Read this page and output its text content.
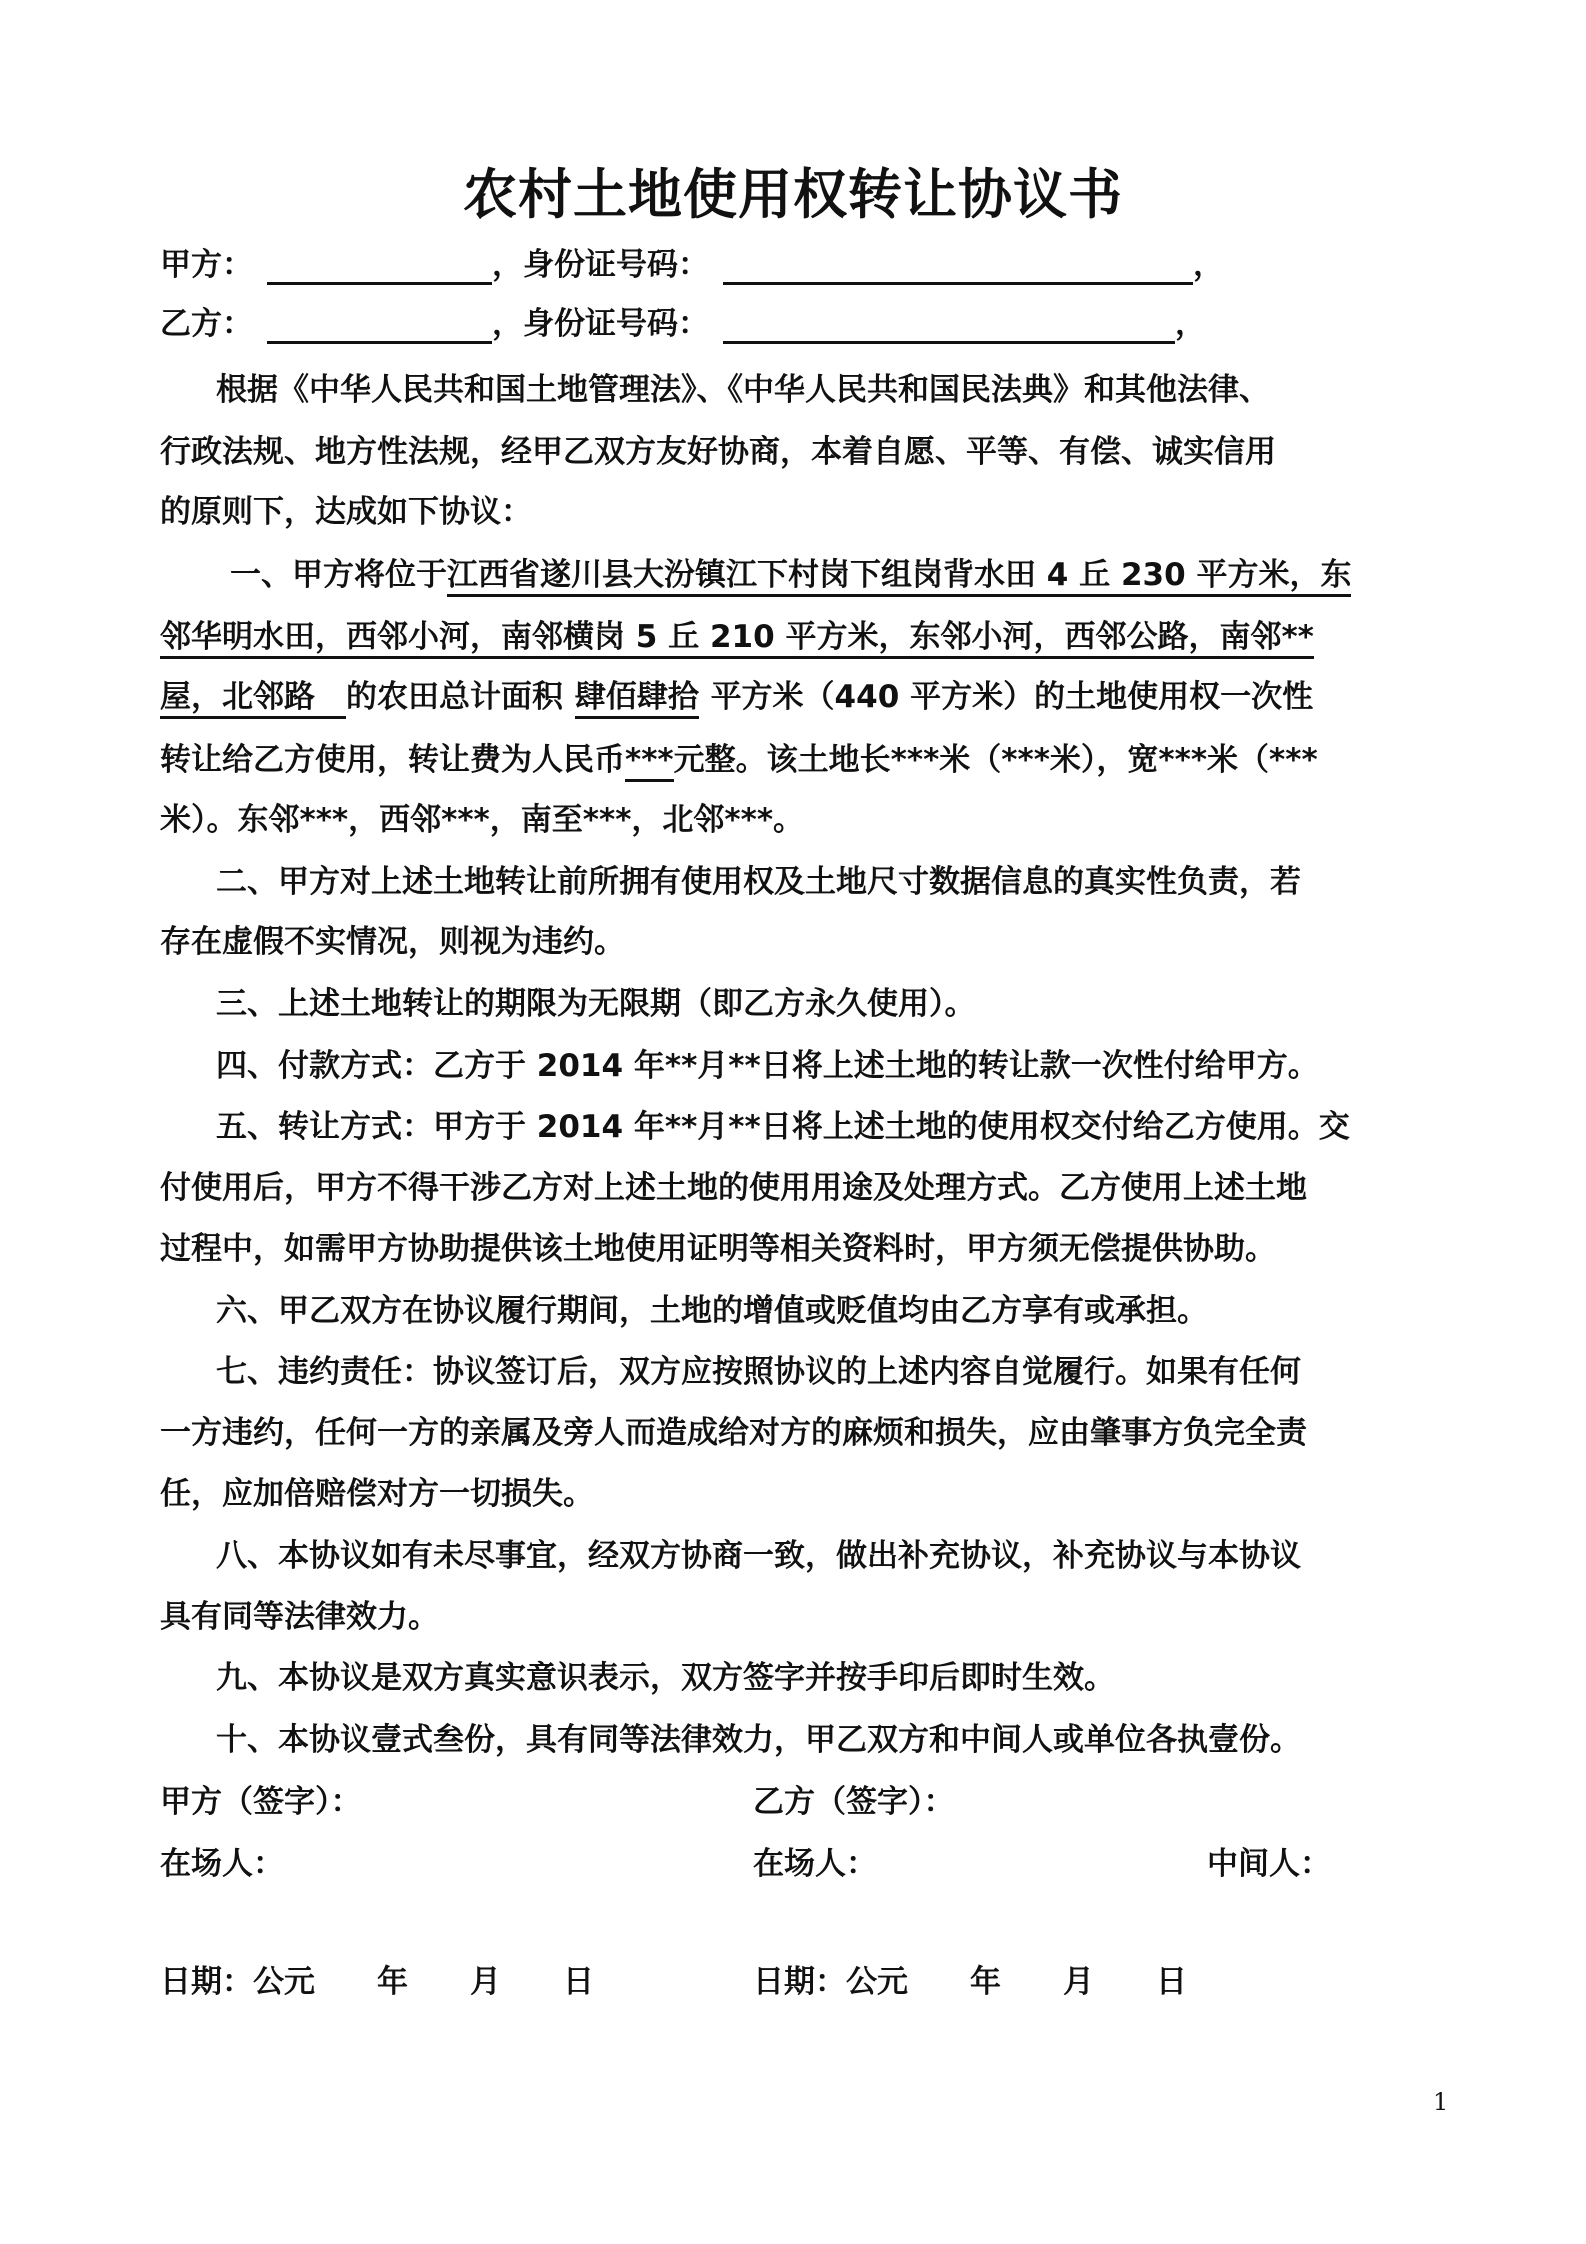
农村土地使用权转让协议书
甲方：	，身份证号码：	，
乙方：	，身份证号码：	，
根据《中华人民共和国土地管理法》、《中华人民共和国民法典》和其他法律、
行政法规、地方性法规，经甲乙双方友好协商，本着自愿、平等、有偿、诚实信用
的原则下，达成如下协议：
一、甲方将位于江西省遂川县大汾镇江下村岗下组岗背水田 4 丘 230 平方米，东
邻华明水田，西邻小河，南邻横岗 5 丘 210 平方米，东邻小河，西邻公路，南邻**
屋，北邻路　的农田总计面积  肆佰肆拾  平方米（440 平方米）的土地使用权一次性
转让给乙方使用，转让费为人民币***元整。该土地长***米（***米），宽***米（***
米）。东邻***，西邻***，南至***，北邻***。
二、甲方对上述土地转让前所拥有使用权及土地尺寸数据信息的真实性负责，若
存在虚假不实情况，则视为违约。
三、上述土地转让的期限为无限期（即乙方永久使用）。
四、付款方式：乙方于 2014 年**月**日将上述土地的转让款一次性付给甲方。
五、转让方式：甲方于 2014 年**月**日将上述土地的使用权交付给乙方使用。交
付使用后，甲方不得干涉乙方对上述土地的使用用途及处理方式。乙方使用上述土地
过程中，如需甲方协助提供该土地使用证明等相关资料时，甲方须无偿提供协助。
六、甲乙双方在协议履行期间，土地的增值或贬值均由乙方享有或承担。
七、违约责任：协议签订后，双方应按照协议的上述内容自觉履行。如果有任何
一方违约，任何一方的亲属及旁人而造成给对方的麻烦和损失，应由肇事方负完全责
任，应加倍赔偿对方一切损失。
八、本协议如有未尽事宜，经双方协商一致，做出补充协议，补充协议与本协议
具有同等法律效力。
九、本协议是双方真实意识表示，双方签字并按手印后即时生效。
十、本协议壹式叁份，具有同等法律效力，甲乙双方和中间人或单位各执壹份。
甲方（签字）：	乙方（签字）：
在场人：	在场人：	中间人：
日期：公元　　年　　月　　日	日期：公元　　年　　月　　日
1
